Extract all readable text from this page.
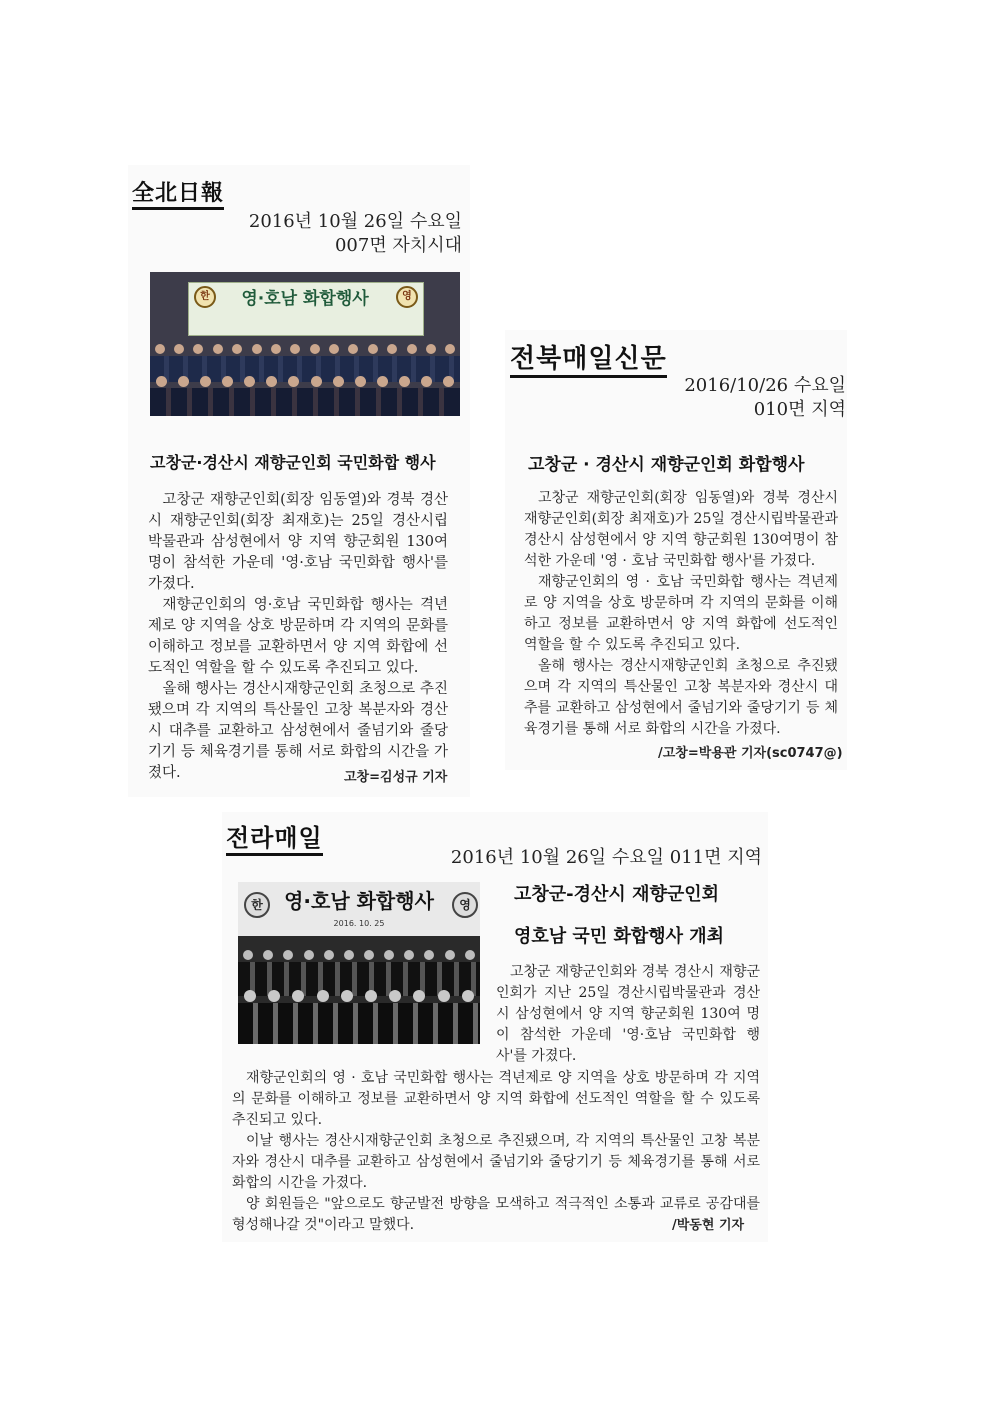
全北日報
2016년 10월 26일 수요일
007면 자치시대
한	영
영·호남 화합행사
고창군·경산시 재향군인회 국민화합 행사

고창군 재향군인회(회장 임동열)와 경북 경산시 재향군인회(회장 최재호)는 25일 경산시립박물관과 삼성현에서 양 지역 향군회원 130여 명이 참석한 가운데 '영·호남 국민화합 행사'를 가졌다.

재향군인회의 영·호남 국민화합 행사는 격년제로 양 지역을 상호 방문하며 각 지역의 문화를 이해하고 정보를 교환하면서 양 지역 화합에 선도적인 역할을 할 수 있도록 추진되고 있다.

올해 행사는 경산시재향군인회 초청으로 추진됐으며 각 지역의 특산물인 고창 복분자와 경산시 대추를 교환하고 삼성현에서 줄넘기와 줄당기기 등 체육경기를 통해 서로 화합의 시간을 가졌다.	고창=김성규 기자
전북매일신문
2016/10/26 수요일
010면 지역
고창군 · 경산시 재향군인회 화합행사

고창군 재향군인회(회장 임동열)와 경북 경산시 재향군인회(회장 최재호)가 25일 경산시립박물관과 경산시 삼성현에서 양 지역 향군회원 130여명이 참석한 가운데 '영 · 호남 국민화합 행사'를 가졌다.

재향군인회의 영 · 호남 국민화합 행사는 격년제로 양 지역을 상호 방문하며 각 지역의 문화를 이해하고 정보를 교환하면서 양 지역 화합에 선도적인 역할을 할 수 있도록 추진되고 있다.

올해 행사는 경산시재향군인회 초청으로 추진됐으며 각 지역의 특산물인 고창 복분자와 경산시 대추를 교환하고 삼성현에서 줄넘기와 줄당기기 등 체육경기를 통해 서로 화합의 시간을 가졌다.

/고창=박용관 기자(sc0747@)
전라매일
2016년 10월 26일 수요일 011면 지역
한	영
영·호남 화합행사
2016. 10. 25
고창군-경산시 재향군인회
영호남 국민 화합행사 개최

고창군 재향군인회와 경북 경산시 재향군인회가 지난 25일 경산시립박물관과 경산시 삼성현에서 양 지역 향군회원 130여 명이 참석한 가운데 '영·호남 국민화합 행사'를 가졌다.

재향군인회의 영 · 호남 국민화합 행사는 격년제로 양 지역을 상호 방문하며 각 지역의 문화를 이해하고 정보를 교환하면서 양 지역 화합에 선도적인 역할을 할 수 있도록 추진되고 있다.

이날 행사는 경산시재향군인회 초청으로 추진됐으며, 각 지역의 특산물인 고창 복분자와 경산시 대추를 교환하고 삼성현에서 줄넘기와 줄당기기 등 체육경기를 통해 서로 화합의 시간을 가졌다.

양 회원들은 "앞으로도 향군발전 방향을 모색하고 적극적인 소통과 교류로 공감대를 형성해나갈 것"이라고 말했다.	/박동현 기자
